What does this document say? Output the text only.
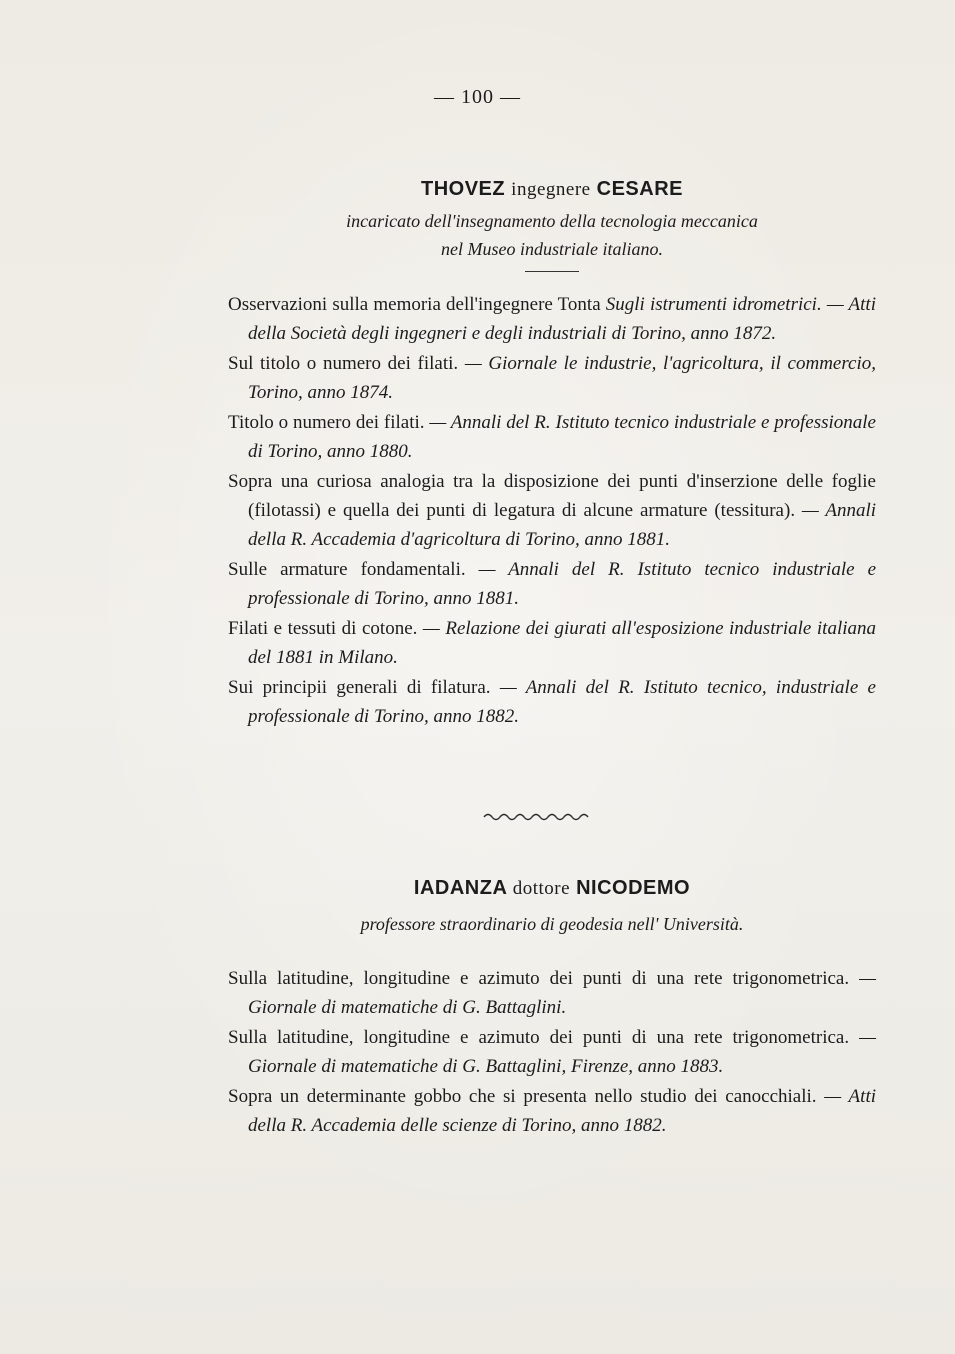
— 100 —

THOVEZ ingegnere CESARE

incaricato dell'insegnamento della tecnologia meccanica
nel Museo industriale italiano.

Osservazioni sulla memoria dell'ingegnere Tonta Sugli istrumenti idrometrici. — Atti della Società degli ingegneri e degli industriali di Torino, anno 1872.

Sul titolo o numero dei filati. — Giornale le industrie, l'agricoltura, il commercio, Torino, anno 1874.

Titolo o numero dei filati. — Annali del R. Istituto tecnico industriale e professionale di Torino, anno 1880.

Sopra una curiosa analogia tra la disposizione dei punti d'inserzione delle foglie (filotassi) e quella dei punti di legatura di alcune armature (tessitura). — Annali della R. Accademia d'agricoltura di Torino, anno 1881.

Sulle armature fondamentali. — Annali del R. Istituto tecnico industriale e professionale di Torino, anno 1881.

Filati e tessuti di cotone. — Relazione dei giurati all'esposizione industriale italiana del 1881 in Milano.

Sui principii generali di filatura. — Annali del R. Istituto tecnico, industriale e professionale di Torino, anno 1882.

IADANZA dottore NICODEMO

professore straordinario di geodesia nell' Università.

Sulla latitudine, longitudine e azimuto dei punti di una rete trigonometrica. — Giornale di matematiche di G. Battaglini.

Sulla latitudine, longitudine e azimuto dei punti di una rete trigonometrica. — Giornale di matematiche di G. Battaglini, Firenze, anno 1883.

Sopra un determinante gobbo che si presenta nello studio dei canocchiali. — Atti della R. Accademia delle scienze di Torino, anno 1882.
